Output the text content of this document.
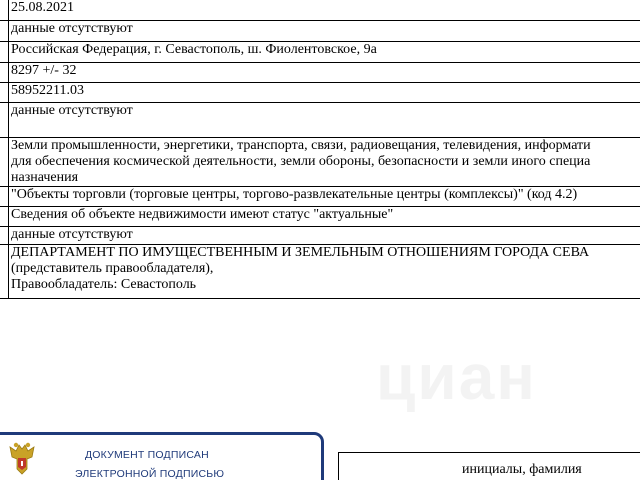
	25.08.2021
	данные отсутствуют
	Российская Федерация, г. Севастополь, ш. Фиолентовское, 9а
	8297 +/- 32
	58952211.03
	данные отсутствуют

	Земли промышленности, энергетики, транспорта, связи, радиовещания, телевидения, информати
для обеспечения космической деятельности, земли обороны, безопасности и земли иного специа
назначения

	"Объекты торговли (торговые центры, торгово-развлекательные центры (комплексы)" (код 4.2)
	Сведения об объекте недвижимости имеют статус "актуальные"
	данные отсутствуют

	ДЕПАРТАМЕНТ ПО ИМУЩЕСТВЕННЫМ И ЗЕМЕЛЬНЫМ ОТНОШЕНИЯМ ГОРОДА СЕВА
(представитель правообладателя),
Правообладатель: Севастополь
циан
ДОКУМЕНТ ПОДПИСАН
ЭЛЕКТРОННОЙ ПОДПИСЬЮ	инициалы, фамилия
